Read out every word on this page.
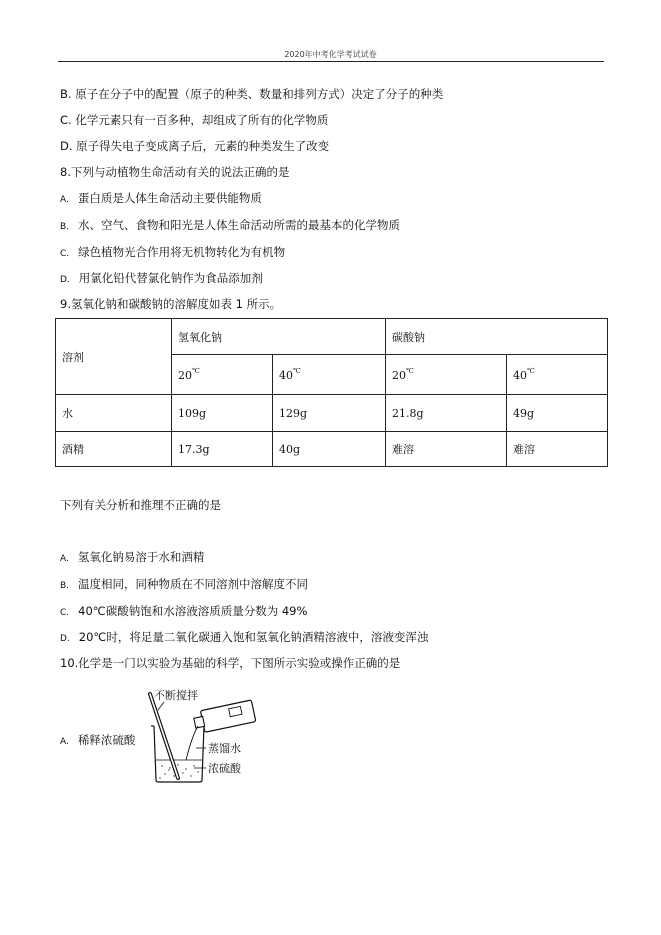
2020年中考化学考试试卷
B. 原子在分子中的配置（原子的种类、数量和排列方式）决定了分子的种类
C. 化学元素只有一百多种，却组成了所有的化学物质
D. 原子得失电子变成离子后，元素的种类发生了改变
8.下列与动植物生命活动有关的说法正确的是
A. 蛋白质是人体生命活动主要供能物质
B. 水、空气、食物和阳光是人体生命活动所需的最基本的化学物质
C. 绿色植物光合作用将无机物转化为有机物
D. 用氯化铅代替氯化钠作为食品添加剂
9.氢氧化钠和碳酸钠的溶解度如表 1 所示。
溶剂	氢氧化钠		碳酸钠	
	20℃	40℃	20℃	40℃
水	109g	129g	21.8g	49g
酒精	17.3g	40g	难溶	难溶
下列有关分析和推理不正确的是
A. 氢氧化钠易溶于水和酒精
B. 温度相同，同种物质在不同溶剂中溶解度不同
C. 40℃碳酸钠饱和水溶液溶质质量分数为 49%
D. 20℃时，将足量二氧化碳通入饱和氢氧化钠酒精溶液中，溶液变浑浊
10.化学是一门以实验为基础的科学，下图所示实验或操作正确的是
A. 稀释浓硫酸
不断搅拌
蒸馏水
浓硫酸
